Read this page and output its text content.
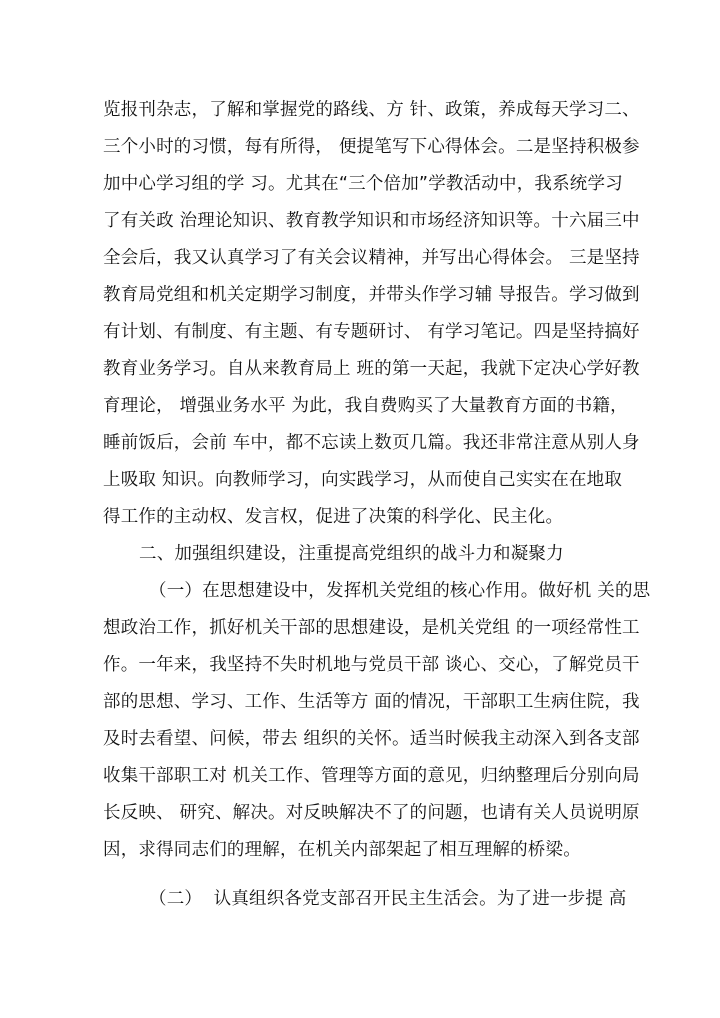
览报刊杂志，了解和掌握党的路线、方 针、政策，养成每天学习二、
三个小时的习惯，每有所得， 便提笔写下心得体会。二是坚持积极参
加中心学习组的学 习。尤其在“三个倍加”学教活动中，我系统学习
了有关政 治理论知识、教育教学知识和市场经济知识等。十六届三中
全会后，我又认真学习了有关会议精神，并写出心得体会。 三是坚持
教育局党组和机关定期学习制度，并带头作学习辅 导报告。学习做到
有计划、有制度、有主题、有专题研讨、 有学习笔记。四是坚持搞好
教育业务学习。自从来教育局上 班的第一天起，我就下定决心学好教
育理论， 增强业务水平 为此，我自费购买了大量教育方面的书籍，
睡前饭后，会前 车中，都不忘读上数页几篇。我还非常注意从别人身
上吸取 知识。向教师学习，向实践学习，从而使自己实实在在地取
得工作的主动权、发言权，促进了决策的科学化、民主化。
二、加强组织建设，注重提高党组织的战斗力和凝聚力
（一）在思想建设中，发挥机关党组的核心作用。做好机 关的思
想政治工作，抓好机关干部的思想建设，是机关党组 的一项经常性工
作。一年来，我坚持不失时机地与党员干部 谈心、交心，了解党员干
部的思想、学习、工作、生活等方 面的情况，干部职工生病住院，我
及时去看望、问候，带去 组织的关怀。适当时候我主动深入到各支部
收集干部职工对 机关工作、管理等方面的意见，归纳整理后分别向局
长反映、 研究、解决。对反映解决不了的问题，也请有关人员说明原
因，求得同志们的理解，在机关内部架起了相互理解的桥梁。
（二）  认真组织各党支部召开民主生活会。为了进一步提 高
